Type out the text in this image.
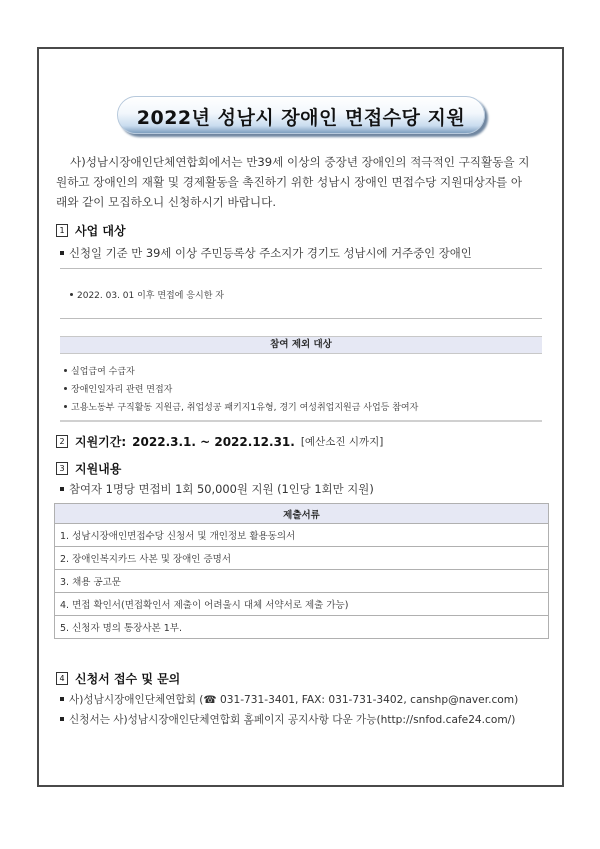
2022년 성남시 장애인 면접수당 지원

사)성남시장애인단체연합회에서는 만39세 이상의 중장년 장애인의 적극적인 구직활동을 지

원하고 장애인의 재활 및 경제활동을 촉진하기 위한 성남시 장애인 면접수당 지원대상자를 아

래와 같이 모집하오니 신청하시기 바랍니다.

1 사업 대상
신청일 기준 만 39세 이상 주민등록상 주소지가 경기도 성남시에 거주중인 장애인
2022. 03. 01 이후 면접에 응시한 자
참여 제외 대상
실업급여 수급자
장애인일자리 관련 면접자
고용노동부 구직활동 지원금, 취업성공 패키지1유형, 경기 여성취업지원금 사업등 참여자
2 지원기간: 2022.3.1. ~ 2022.12.31. [예산소진 시까지]
3 지원내용
참여자 1명당 면접비 1회 50,000원 지원 (1인당 1회만 지원)
제출서류
1. 성남시장애인면접수당 신청서 및 개인정보 활용동의서
2. 장애인복지카드 사본 및 장애인 증명서
3. 채용 공고문
4. 면접 확인서(면접확인서 제출이 어려울시 대체 서약서로 제출 가능)
5. 신청자 명의 통장사본 1부.
4 신청서 접수 및 문의
사)성남시장애인단체연합회 (☎ 031-731-3401, FAX: 031-731-3402, canshp@naver.com)
신청서는 사)성남시장애인단체연합회 홈페이지 공지사항 다운 가능(http://snfod.cafe24.com/)
